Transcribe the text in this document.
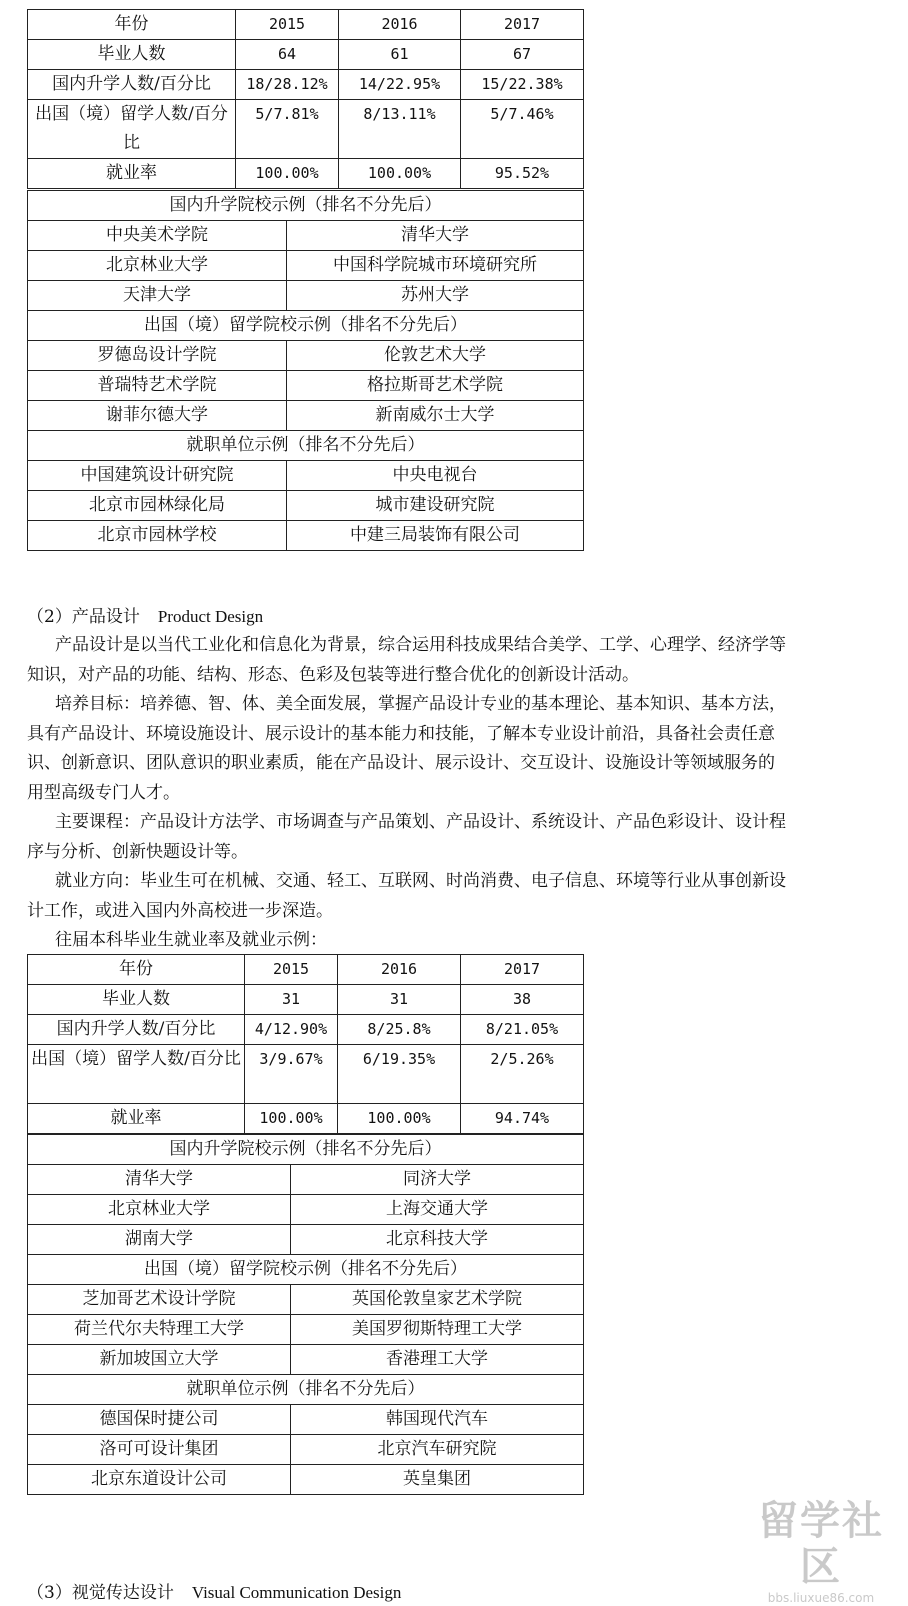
年份	2015	2016	2017
毕业人数	64	61	67
国内升学人数/百分比	18/28.12%	14/22.95%	15/22.38%
出国（境）留学人数/百分比	5/7.81%	8/13.11%	5/7.46%
就业率	100.00%	100.00%	95.52%
国内升学院校示例（排名不分先后）	
中央美术学院	清华大学
北京林业大学	中国科学院城市环境研究所
天津大学	苏州大学
出国（境）留学院校示例（排名不分先后）	
罗德岛设计学院	伦敦艺术大学
普瑞特艺术学院	格拉斯哥艺术学院
谢菲尔德大学	新南威尔士大学
就职单位示例（排名不分先后）	
中国建筑设计研究院	中央电视台
北京市园林绿化局	城市建设研究院
北京市园林学校	中建三局装饰有限公司
（2）产品设计 Product Design
产品设计是以当代工业化和信息化为背景，综合运用科技成果结合美学、工学、心理学、经济学等
知识，对产品的功能、结构、形态、色彩及包装等进行整合优化的创新设计活动。
培养目标：培养德、智、体、美全面发展，掌握产品设计专业的基本理论、基本知识、基本方法，
具有产品设计、环境设施设计、展示设计的基本能力和技能，了解本专业设计前沿，具备社会责任意
识、创新意识、团队意识的职业素质，能在产品设计、展示设计、交互设计、设施设计等领域服务的
用型高级专门人才。
主要课程：产品设计方法学、市场调查与产品策划、产品设计、系统设计、产品色彩设计、设计程
序与分析、创新快题设计等。
就业方向：毕业生可在机械、交通、轻工、互联网、时尚消费、电子信息、环境等行业从事创新设
计工作，或进入国内外高校进一步深造。
往届本科毕业生就业率及就业示例：
年份	2015	2016	2017
毕业人数	31	31	38
国内升学人数/百分比	4/12.90%	8/25.8%	8/21.05%
出国（境）留学人数/百分比	3/9.67%	6/19.35%	2/5.26%
就业率	100.00%	100.00%	94.74%
国内升学院校示例（排名不分先后）	
清华大学	同济大学
北京林业大学	上海交通大学
湖南大学	北京科技大学
出国（境）留学院校示例（排名不分先后）	
芝加哥艺术设计学院	英国伦敦皇家艺术学院
荷兰代尔夫特理工大学	美国罗彻斯特理工大学
新加坡国立大学	香港理工大学
就职单位示例（排名不分先后）	
德国保时捷公司	韩国现代汽车
洛可可设计集团	北京汽车研究院
北京东道设计公司	英皇集团
（3）视觉传达设计 Visual Communication Design
留学社区
bbs.liuxue86.com
